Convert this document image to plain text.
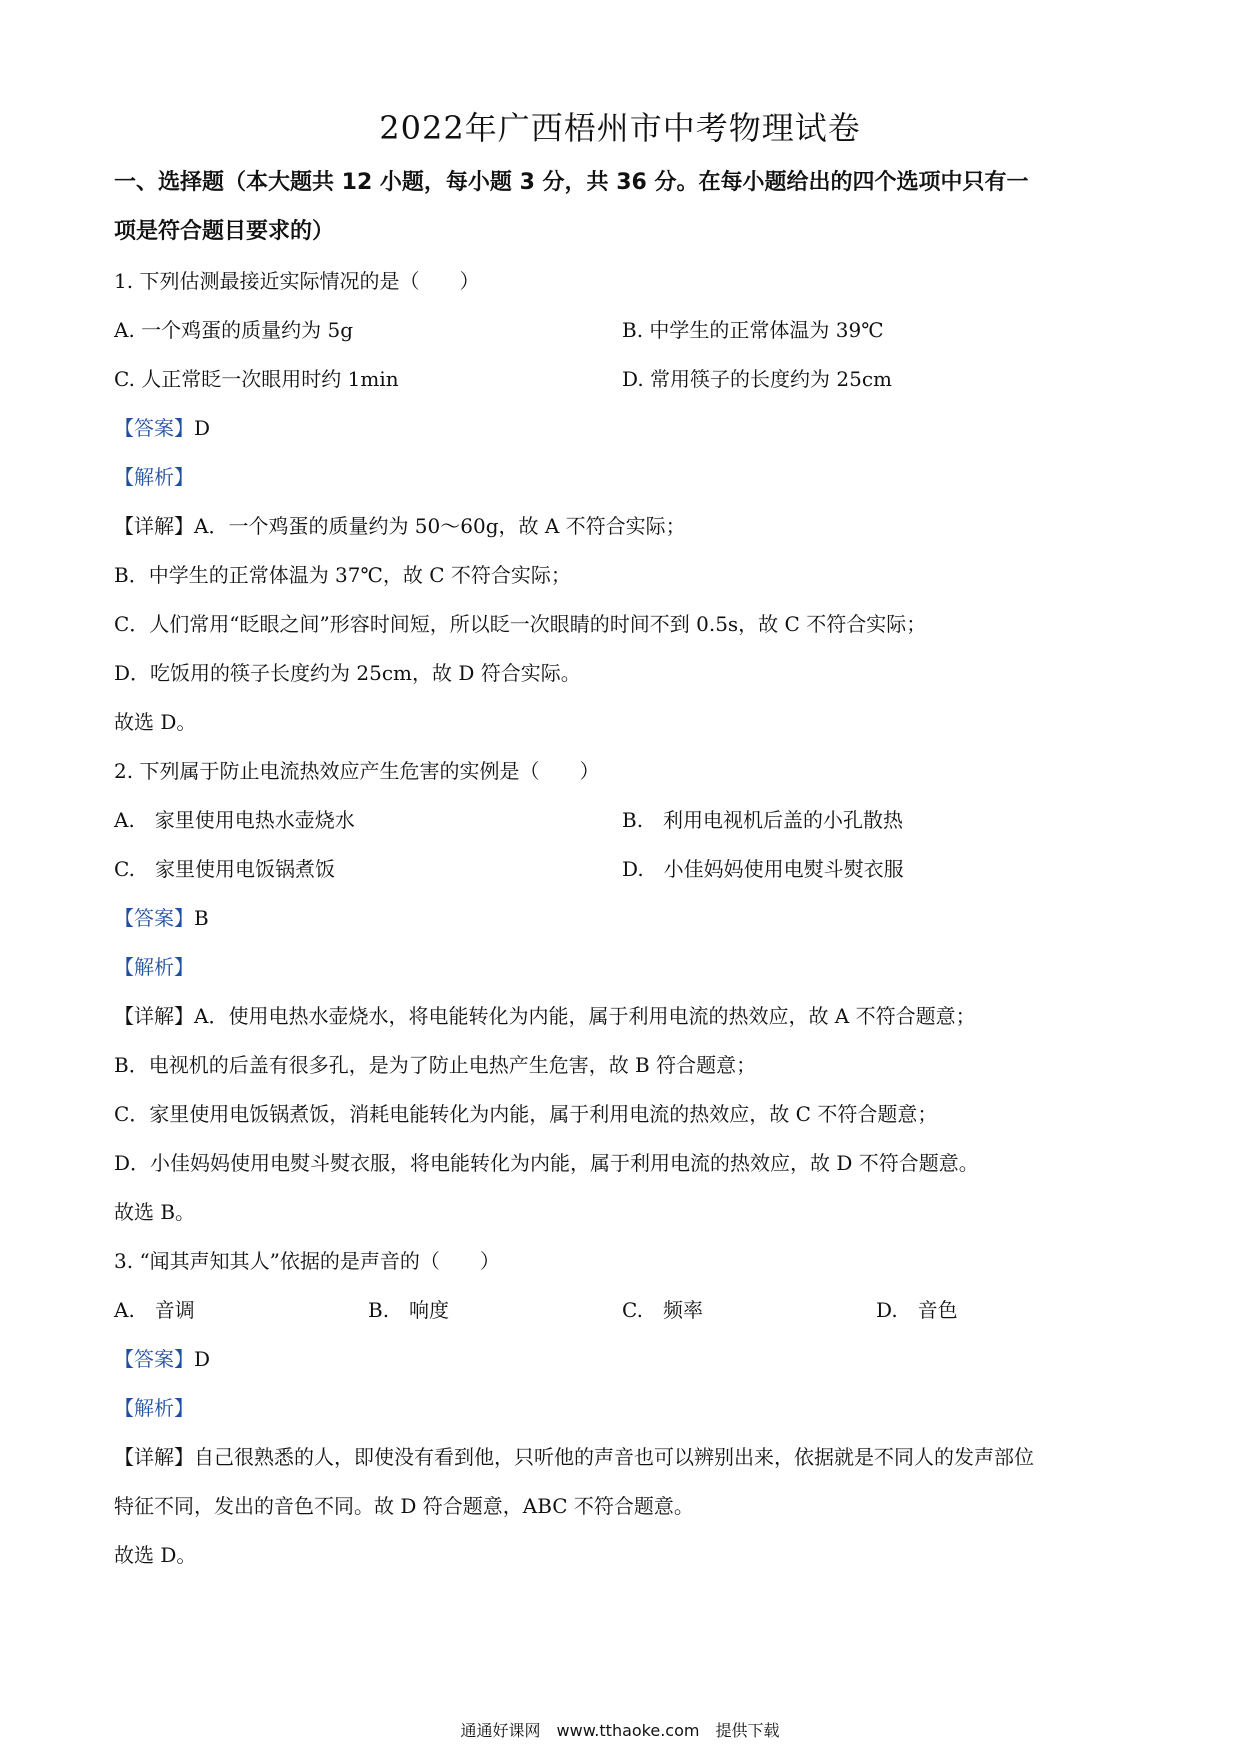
2022年广西梧州市中考物理试卷
一、选择题（本大题共 12 小题，每小题 3 分，共 36 分。在每小题给出的四个选项中只有一
项是符合题目要求的）
1. 下列估测最接近实际情况的是（　　）
A. 一个鸡蛋的质量约为 5g	B. 中学生的正常体温为 39℃
C. 人正常眨一次眼用时约 1min	D. 常用筷子的长度约为 25cm
【答案】D
【解析】
【详解】A．一个鸡蛋的质量约为 50～60g，故 A 不符合实际；
B．中学生的正常体温为 37℃，故 C 不符合实际；
C．人们常用“眨眼之间”形容时间短，所以眨一次眼睛的时间不到 0.5s，故 C 不符合实际；
D．吃饭用的筷子长度约为 25cm，故 D 符合实际。
故选 D。
2. 下列属于防止电流热效应产生危害的实例是（　　）
A.　家里使用电热水壶烧水	B.　利用电视机后盖的小孔散热
C.　家里使用电饭锅煮饭	D.　小佳妈妈使用电熨斗熨衣服
【答案】B
【解析】
【详解】A．使用电热水壶烧水，将电能转化为内能，属于利用电流的热效应，故 A 不符合题意；
B．电视机的后盖有很多孔，是为了防止电热产生危害，故 B 符合题意；
C．家里使用电饭锅煮饭，消耗电能转化为内能，属于利用电流的热效应，故 C 不符合题意；
D．小佳妈妈使用电熨斗熨衣服，将电能转化为内能，属于利用电流的热效应，故 D 不符合题意。
故选 B。
3. “闻其声知其人”依据的是声音的（　　）
A.　音调	B.　响度	C.　频率	D.　音色
【答案】D
【解析】
【详解】自己很熟悉的人，即使没有看到他，只听他的声音也可以辨别出来，依据就是不同人的发声部位
特征不同，发出的音色不同。故 D 符合题意，ABC 不符合题意。
故选 D。
通通好课网　www.tthaoke.com　提供下载
